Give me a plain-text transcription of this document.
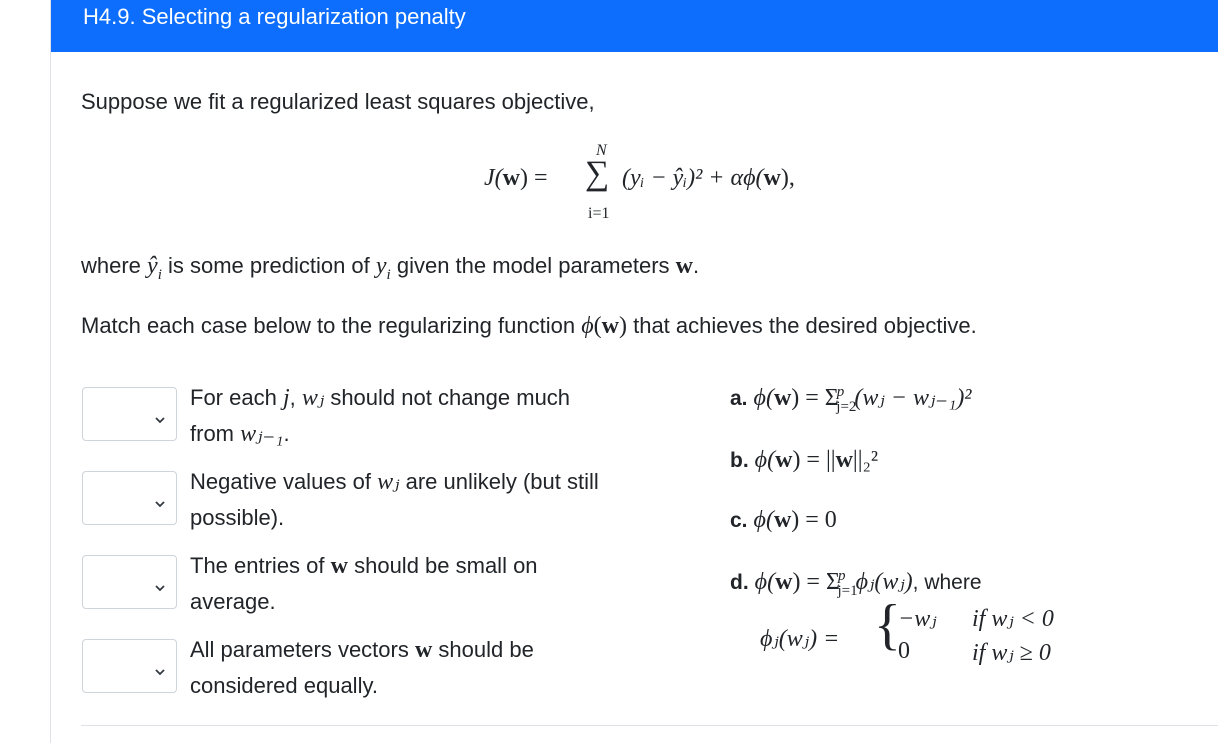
H4.9. Selecting a regularization penalty
Suppose we fit a regularized least squares objective,
J(w) =
N
∑
i=1
(yᵢ − ŷᵢ)² + αϕ(w),
where $ŷ_i$ is some prediction of $y_i$ given the model parameters w.
Match each case below to the regularizing function ϕ(w) that achieves the desired objective.
For each j, wⱼ should not change much from wⱼ₋₁.
Negative values of wⱼ are unlikely (but still possible).
The entries of w should be small on average.
All parameters vectors w should be considered equally.
a. $\phi(w) = \Sigma^p_{j=2}(wⱼ$ − wⱼ₋₁)²
b. ϕ(w) = ||w||₂²
c. ϕ(w) = 0
d. $\phi(w) = \Sigma^p_{j=1}\phi ⱼ(wⱼ)$, where
ϕⱼ(wⱼ) = {
−wⱼ if wⱼ < 0
0	if wⱼ ≥ 0
